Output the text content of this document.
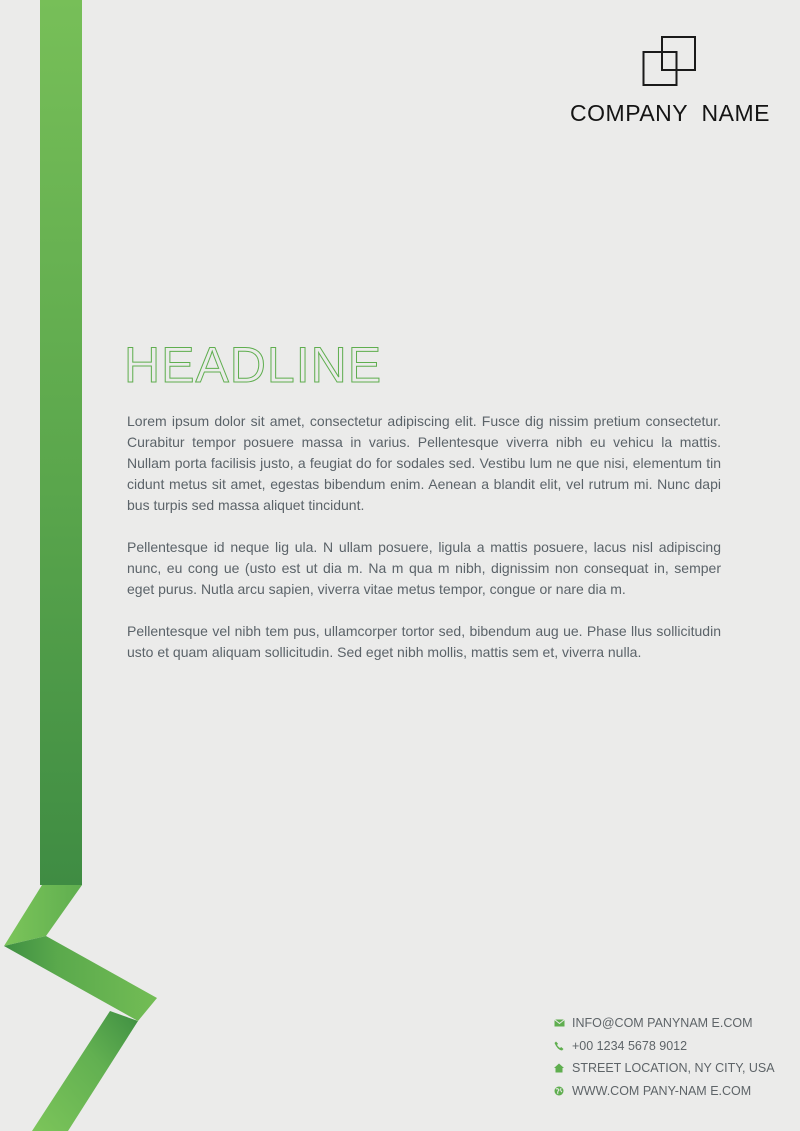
COMPANY  NAME
HEADLINE

Lorem ipsum dolor sit amet, consectetur adipiscing elit. Fusce dig nissim pretium consectetur. Curabitur tempor posuere massa in varius. Pellentesque viverra nibh eu vehicu la mattis. Nullam porta facilisis justo, a feugiat do for sodales sed. Vestibu lum ne que nisi, elementum tin cidunt metus sit amet, egestas bibendum enim. Aenean a blandit elit, vel rutrum mi. Nunc dapi bus turpis sed massa aliquet tincidunt.

Pellentesque id neque lig ula. N ullam posuere, ligula a mattis posuere, lacus nisl adipiscing nunc, eu cong ue (usto est ut dia m. Na m qua m nibh, dignissim non consequat in, semper eget purus. Nutla arcu sapien, viverra vitae metus tempor, congue or nare dia m.

Pellentesque vel nibh tem pus, ullamcorper tortor sed, bibendum aug ue. Phase llus sollicitudin usto et quam aliquam sollicitudin. Sed eget nibh mollis, mattis sem et, viverra nulla.

INFO@COM PANYNAM E.COM
+00 1234 5678 9012
STREET LOCATION, NY CITY, USA
WWW.COM PANY-NAM E.COM
